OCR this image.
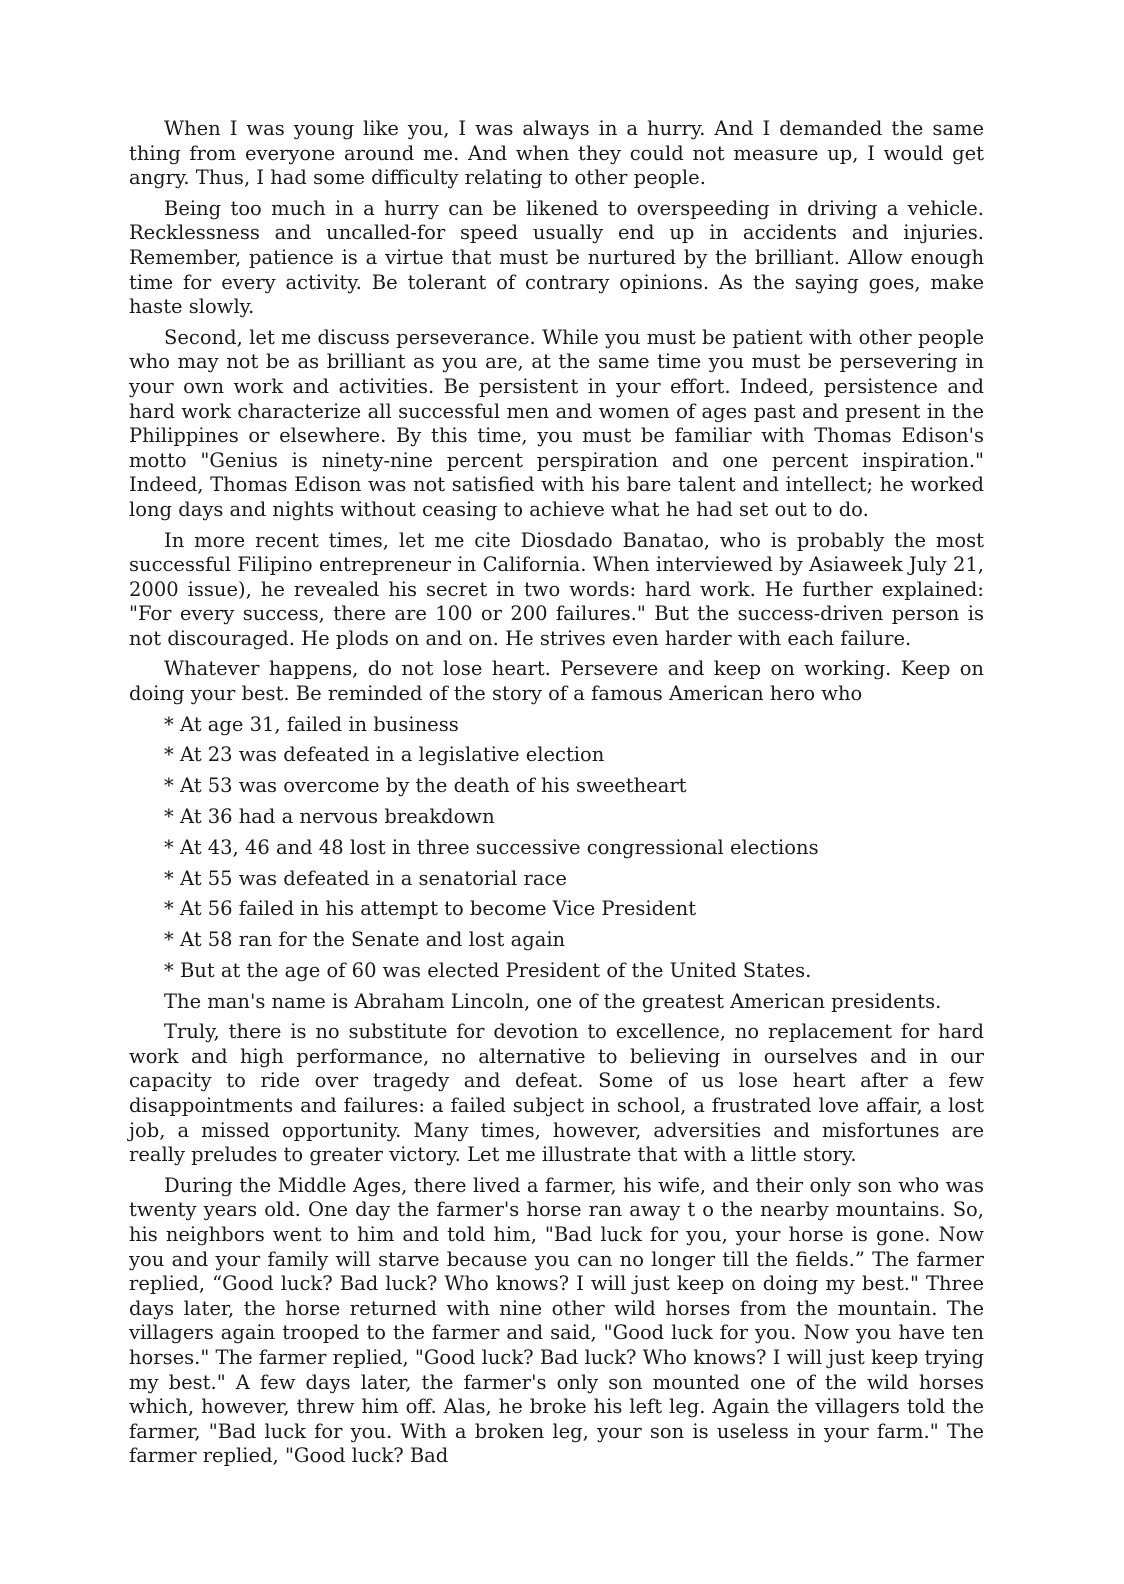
When I was young like you, I was always in a hurry. And I demanded the same thing from everyone around me. And when they could not measure up, I would get angry. Thus, I had some difficulty relating to other people.

Being too much in a hurry can be likened to overspeeding in driving a vehicle. Recklessness and uncalled-for speed usually end up in accidents and injuries. Remember, patience is a virtue that must be nurtured by the brilliant. Allow enough time for every activity. Be tolerant of contrary opinions. As the saying goes, make haste slowly.

Second, let me discuss perseverance. While you must be patient with other people who may not be as brilliant as you are, at the same time you must be persevering in your own work and activities. Be persistent in your effort. Indeed, persistence and hard work characterize all successful men and women of ages past and present in the Philippines or elsewhere. By this time, you must be familiar with Thomas Edison's motto "Genius is ninety-nine percent perspiration and one percent inspiration." Indeed, Thomas Edison was not satisfied with his bare talent and intellect; he worked long days and nights without ceasing to achieve what he had set out to do.

In more recent times, let me cite Diosdado Banatao, who is probably the most successful Filipino entrepreneur in California. When interviewed by Asiaweek July 21, 2000 issue), he revealed his secret in two words: hard work. He further explained: "For every success, there are 100 or 200 failures." But the success-driven person is not discouraged. He plods on and on. He strives even harder with each failure.

Whatever happens, do not lose heart. Persevere and keep on working. Keep on doing your best. Be reminded of the story of a famous American hero who

* At age 31, failed in business

* At 23 was defeated in a legislative election

* At 53 was overcome by the death of his sweetheart

* At 36 had a nervous breakdown

* At 43, 46 and 48 lost in three successive congressional elections

* At 55 was defeated in a senatorial race

* At 56 failed in his attempt to become Vice President

* At 58 ran for the Senate and lost again

* But at the age of 60 was elected President of the United States.

The man's name is Abraham Lincoln, one of the greatest American presidents.

Truly, there is no substitute for devotion to excellence, no replacement for hard work and high performance, no alternative to believing in ourselves and in our capacity to ride over tragedy and defeat. Some of us lose heart after a few disappointments and failures: a failed subject in school, a frustrated love affair, a lost job, a missed opportunity. Many times, however, adversities and misfortunes are really preludes to greater victory. Let me illustrate that with a little story.

During the Middle Ages, there lived a farmer, his wife, and their only son who was twenty years old. One day the farmer's horse ran away t o the nearby mountains. So, his neighbors went to him and told him, "Bad luck for you, your horse is gone. Now you and your family will starve because you can no longer till the fields.” The farmer replied, “Good luck? Bad luck? Who knows? I will just keep on doing my best." Three days later, the horse returned with nine other wild horses from the mountain. The villagers again trooped to the farmer and said, "Good luck for you. Now you have ten horses." The farmer replied, "Good luck? Bad luck? Who knows? I will just keep trying my best." A few days later, the farmer's only son mounted one of the wild horses which, however, threw him off. Alas, he broke his left leg. Again the villagers told the farmer, "Bad luck for you. With a broken leg, your son is useless in your farm." The farmer replied, "Good luck? Bad
